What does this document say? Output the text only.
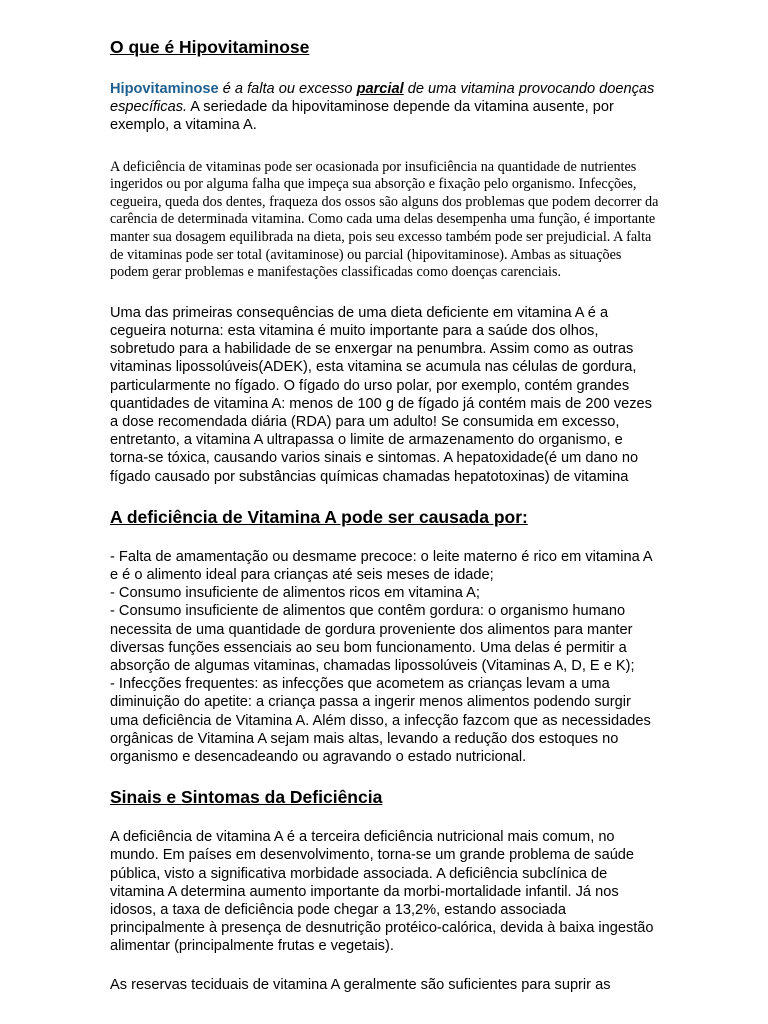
O que é Hipovitaminose

Hipovitaminose é a falta ou excesso parcial de uma vitamina provocando doenças específicas. A seriedade da hipovitaminose depende da vitamina ausente, por exemplo, a vitamina A.

A deficiência de vitaminas pode ser ocasionada por insuficiência na quantidade de nutrientes ingeridos ou por alguma falha que impeça sua absorção e fixação pelo organismo. Infecções, cegueira, queda dos dentes, fraqueza dos ossos são alguns dos problemas que podem decorrer da carência de determinada vitamina. Como cada uma delas desempenha uma função, é importante manter sua dosagem equilibrada na dieta, pois seu excesso também pode ser prejudicial. A falta de vitaminas pode ser total (avitaminose) ou parcial (hipovitaminose). Ambas as situações podem gerar problemas e manifestações classificadas como doenças carenciais.

Uma das primeiras consequências de uma dieta deficiente em vitamina A é a cegueira noturna: esta vitamina é muito importante para a saúde dos olhos, sobretudo para a habilidade de se enxergar na penumbra. Assim como as outras vitaminas lipossolúveis(ADEK), esta vitamina se acumula nas células de gordura, particularmente no fígado. O fígado do urso polar, por exemplo, contém grandes quantidades de vitamina A: menos de 100 g de fígado já contém mais de 200 vezes a dose recomendada diária (RDA) para um adulto! Se consumida em excesso, entretanto, a vitamina A ultrapassa o limite de armazenamento do organismo, e torna-se tóxica, causando varios sinais e sintomas. A hepatoxidade(é um dano no fígado causado por substâncias químicas chamadas hepatotoxinas) de vitamina

A deficiência de Vitamina A pode ser causada por:
- Falta de amamentação ou desmame precoce: o leite materno é rico em vitamina A e é o alimento ideal para crianças até seis meses de idade;
- Consumo insuficiente de alimentos ricos em vitamina A;
- Consumo insuficiente de alimentos que contêm gordura: o organismo humano necessita de uma quantidade de gordura proveniente dos alimentos para manter diversas funções essenciais ao seu bom funcionamento. Uma delas é permitir a absorção de algumas vitaminas, chamadas lipossolúveis (Vitaminas A, D, E e K);
- Infecções frequentes: as infecções que acometem as crianças levam a uma diminuição do apetite: a criança passa a ingerir menos alimentos podendo surgir uma deficiência de Vitamina A. Além disso, a infecção fazcom que as necessidades orgânicas de Vitamina A sejam mais altas, levando a redução dos estoques no organismo e desencadeando ou agravando o estado nutricional.
Sinais e Sintomas da Deficiência

A deficiência de vitamina A é a terceira deficiência nutricional mais comum, no mundo. Em países em desenvolvimento, torna-se um grande problema de saúde pública, visto a significativa morbidade associada. A deficiência subclínica de vitamina A determina aumento importante da morbi-mortalidade infantil. Já nos idosos, a taxa de deficiência pode chegar a 13,2%, estando associada principalmente à presença de desnutrição protéico-calórica, devida à baixa ingestão alimentar (principalmente frutas e vegetais).

As reservas teciduais de vitamina A geralmente são suficientes para suprir as
